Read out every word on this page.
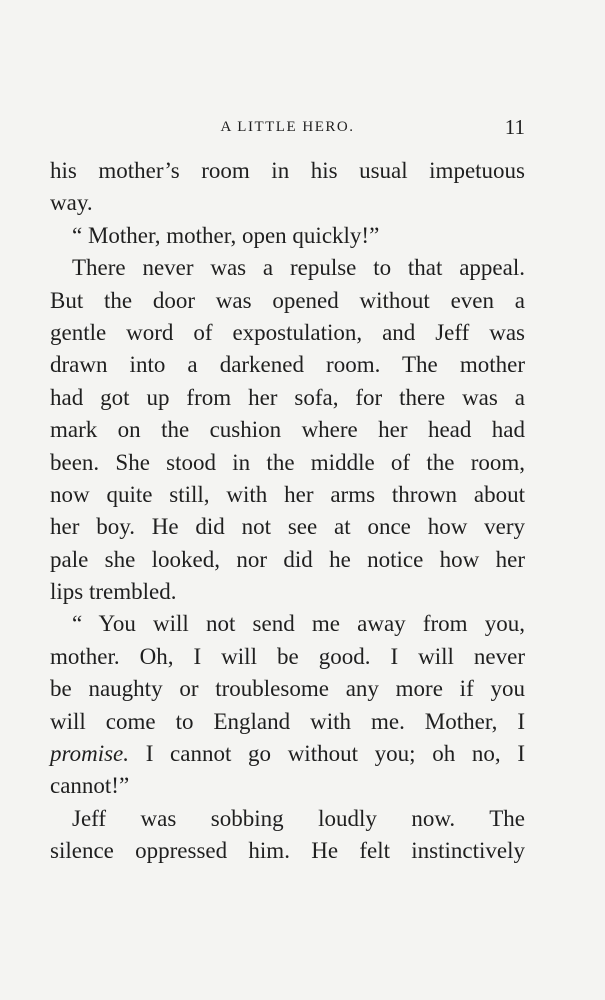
A LITTLE HERO.	11
his mother’s room in his usual impetuous
way.
“ Mother, mother, open quickly!”
There never was a repulse to that appeal.
But the door was opened without even a
gentle word of expostulation, and Jeff was
drawn into a darkened room. The mother
had got up from her sofa, for there was a
mark on the cushion where her head had
been. She stood in the middle of the room,
now quite still, with her arms thrown about
her boy. He did not see at once how very
pale she looked, nor did he notice how her
lips trembled.
“ You will not send me away from you,
mother. Oh, I will be good. I will never
be naughty or troublesome any more if you
will come to England with me. Mother, I
promise. I cannot go without you; oh no, I
cannot!”
Jeff was sobbing loudly now. The
silence oppressed him. He felt instinctively
